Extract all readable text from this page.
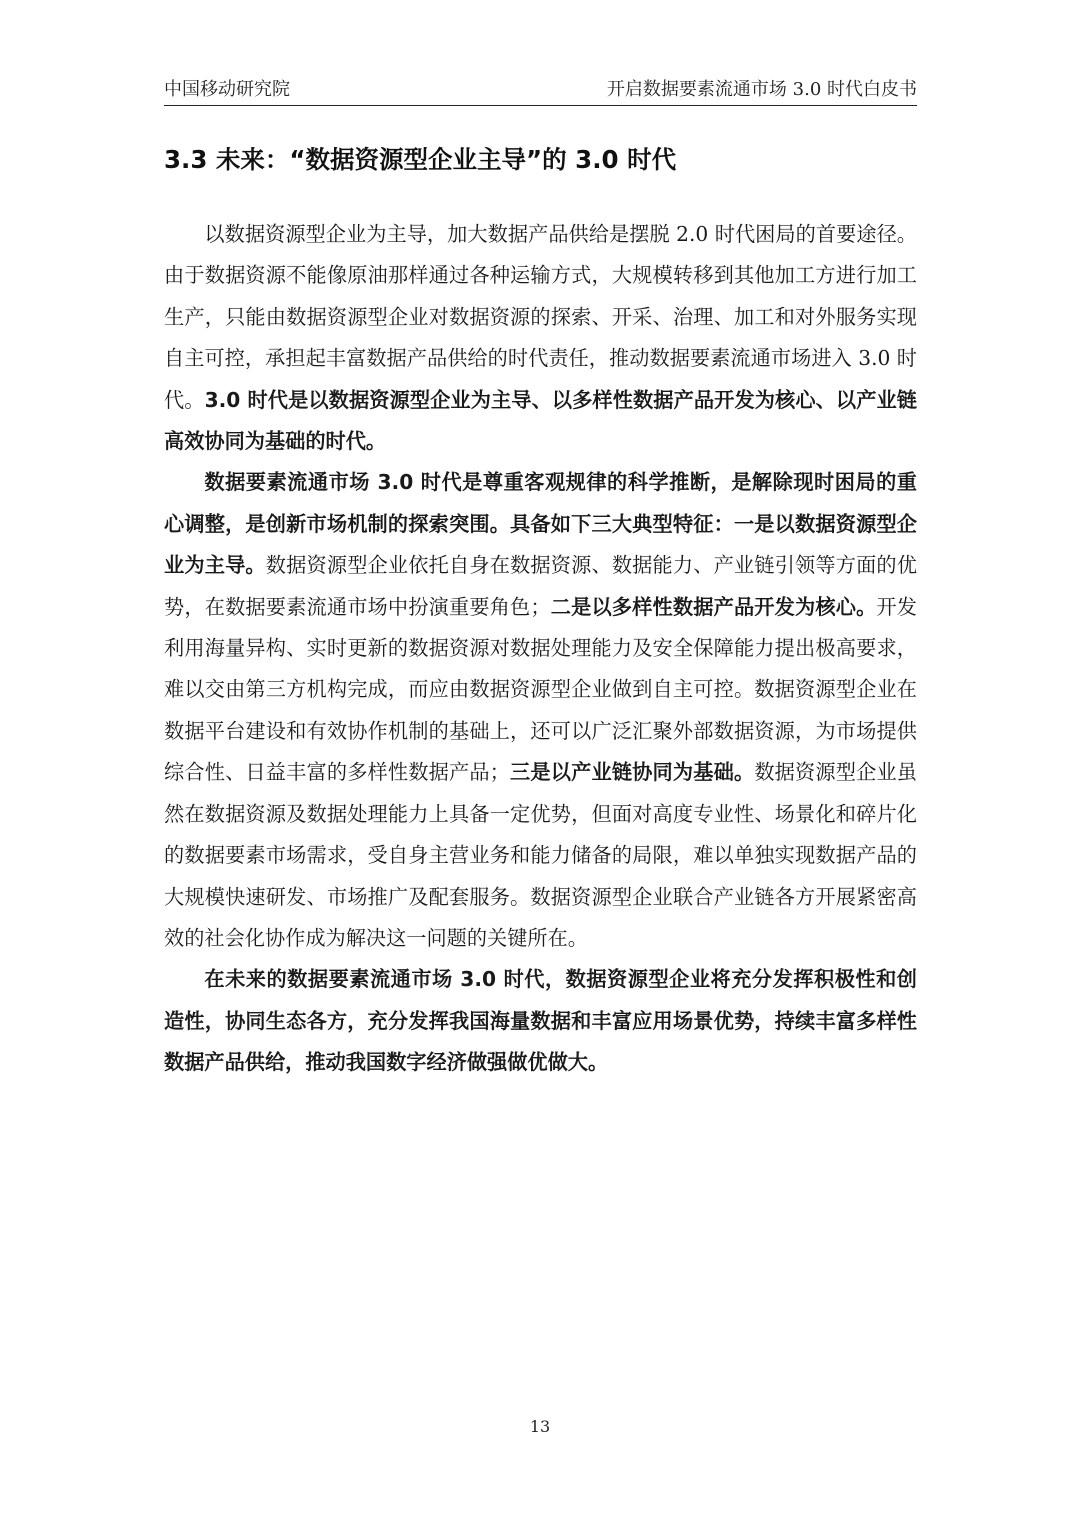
中国移动研究院	开启数据要素流通市场 3.0 时代白皮书
3.3 未来：“数据资源型企业主导”的 3.0 时代

以数据资源型企业为主导，加大数据产品供给是摆脱 2.0 时代困局的首要途径。由于数据资源不能像原油那样通过各种运输方式，大规模转移到其他加工方进行加工生产，只能由数据资源型企业对数据资源的探索、开采、治理、加工和对外服务实现自主可控，承担起丰富数据产品供给的时代责任，推动数据要素流通市场进入 3.0 时代。3.0 时代是以数据资源型企业为主导、以多样性数据产品开发为核心、以产业链高效协同为基础的时代。

数据要素流通市场 3.0 时代是尊重客观规律的科学推断，是解除现时困局的重心调整，是创新市场机制的探索突围。具备如下三大典型特征：一是以数据资源型企业为主导。数据资源型企业依托自身在数据资源、数据能力、产业链引领等方面的优势，在数据要素流通市场中扮演重要角色；二是以多样性数据产品开发为核心。开发利用海量异构、实时更新的数据资源对数据处理能力及安全保障能力提出极高要求，难以交由第三方机构完成，而应由数据资源型企业做到自主可控。数据资源型企业在数据平台建设和有效协作机制的基础上，还可以广泛汇聚外部数据资源，为市场提供综合性、日益丰富的多样性数据产品；三是以产业链协同为基础。数据资源型企业虽然在数据资源及数据处理能力上具备一定优势，但面对高度专业性、场景化和碎片化的数据要素市场需求，受自身主营业务和能力储备的局限，难以单独实现数据产品的大规模快速研发、市场推广及配套服务。数据资源型企业联合产业链各方开展紧密高效的社会化协作成为解决这一问题的关键所在。

在未来的数据要素流通市场 3.0 时代，数据资源型企业将充分发挥积极性和创造性，协同生态各方，充分发挥我国海量数据和丰富应用场景优势，持续丰富多样性数据产品供给，推动我国数字经济做强做优做大。

13
